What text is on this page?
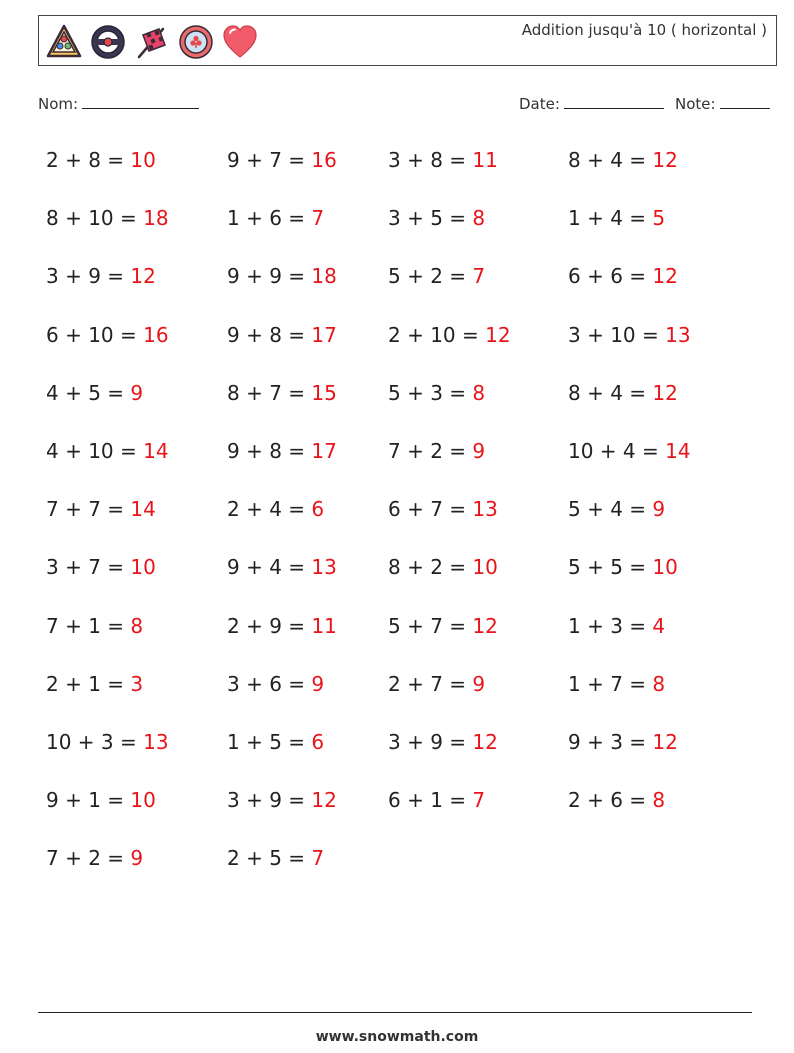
Addition jusqu'à 10 ( horizontal )
Nom:	Date:	Note:
2 + 8 = 10	9 + 7 = 16	3 + 8 = 11	8 + 4 = 12
8 + 10 = 18	1 + 6 = 7	3 + 5 = 8	1 + 4 = 5
3 + 9 = 12	9 + 9 = 18	5 + 2 = 7	6 + 6 = 12
6 + 10 = 16	9 + 8 = 17	2 + 10 = 12	3 + 10 = 13
4 + 5 = 9	8 + 7 = 15	5 + 3 = 8	8 + 4 = 12
4 + 10 = 14	9 + 8 = 17	7 + 2 = 9	10 + 4 = 14
7 + 7 = 14	2 + 4 = 6	6 + 7 = 13	5 + 4 = 9
3 + 7 = 10	9 + 4 = 13	8 + 2 = 10	5 + 5 = 10
7 + 1 = 8	2 + 9 = 11	5 + 7 = 12	1 + 3 = 4
2 + 1 = 3	3 + 6 = 9	2 + 7 = 9	1 + 7 = 8
10 + 3 = 13	1 + 5 = 6	3 + 9 = 12	9 + 3 = 12
9 + 1 = 10	3 + 9 = 12	6 + 1 = 7	2 + 6 = 8
7 + 2 = 9	2 + 5 = 7
www.snowmath.com
